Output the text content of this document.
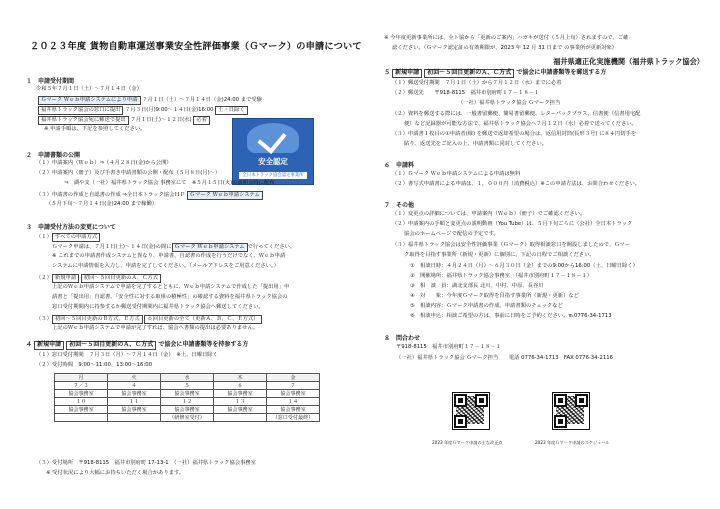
２０２３年度 貨物自動車運送事業安全性評価事業（Ｇマーク）の申請について
１　申請受付期間
令和５年７月１日（土）～７月１４日（金）
Ｇマーク Ｗｅｂ申請システムにより申請 ７月１日（土）～７月１４日（金)24:00 まで受験
福井県トラック協会の窓口に提出 ７月３日(月)9:00～１４日(金)16:00 土・日除く
福井県トラック協会宛に郵送で提出 ７月１日(土)～１２日(水) 必着
※ 申請手順は、下記を参照してください。
安全認定
全日本トラック協会認定事業所
２　申請書類の公開
（１）申請案内（Ｗｅｂ）⇒（４月２８日(金)から公開）
（２）申請案内（冊子）及び手書き申請書類の公開・配布（５月８日(月)～）
⇒　湖や支（一社）福井県トラック協会 事務室にて　※５月１５日(火)の説明会時に配布
（３）申請書の作成と自認書の作成 ⇒全日本トラック協会ＨＰ Ｇマーク Ｗｅｂ申請システム
（５月下旬～７月１４日(金)24:00 まで稼働）
３　申請受付方法の変更について
（１） すべての申請方式
Ｇマーク申請は、７月１日(土)～１４日(金)の間に Ｇマーク Ｗｅｂ申請システム で行ってください。
※ これまでの申請書作成システムと異なり、申請書、自認書の作成を行うだけでなく、Ｗｅｂ申請
システムに申請情報を入力し、申請を完了してください。（メールアドレスをご用意ください。）
（２） 新規申請 初回～５回目更新のＡ、Ｃ方式
上記のＷｅｂ申請システムで申請を完了するとともに、Ｗｅｂ申請システムで作成した「提出用」申
請書と「提出用」自認書、「安全性に対する取組の積極性」の確認する資料を福井県トラック協会の
窓口受付期間内に持参するか郵送受付期間内に福井県トラック協会へ郵送してください。
（３） 初回～５回目更新のＢ方式、Ｅ方式 ６回目更新の全て（更新Ａ、Ｂ、Ｃ、Ｅ方式）
上記のＷｅｂ申請システムで申請が完了すれば、協会へ書類の提出は必要ありません。
４ 新規申請 初回～５回目更新のＡ、Ｃ方式 で協会に申請書類等を持参する方
（１）窓口受付期間　７月３日（月）～７月１４日（金）　※土、日曜日除く
（２）受付時間　9:00～11:00、13:00～16:00
月	火	水	木	金
７／３	４	５	６	７
協会事務室	協会事務室	協会事務室	協会事務室	協会事務室
１０	１１	１２	１３	１４
協会事務室	協会事務室	協会事務室	協会事務室	協会事務室
		（研修室受付）		（窓口受付最終）
（３）受付場所　〒918-8115　福井市別府町 17-13-1　（一社）福井県トラック協会事務室
※ 受付状況により大幅にお待ちいただく場合があります。
※ 今年度更新事業所には、全ト協から「更新のご案内」ハガキが送付（５月上旬）されますので、ご確
認ください。（Ｇマーク認定証の有効期限が、2023 年 12 月 31 日まで の事業所が更新対象）
福井県適正化実施機関（福井県トラック協会）
５ 新規申請 初回～５回目更新のＡ、Ｃ方式 で協会に申請書類等を郵送する方
（１）郵送受付期間　７月１日（土）から７月１２日（水）までに必着
（２）郵送先　　〒918-8115　福井市別府町１７－１８－１
（一社）福井県トラック協会 Ｇマーク担当
（２）資料を郵送する際には、一般書留郵便、簡易書留郵便、レターパックプラス、信書便（信書用宅配
便）など記録器が可能な方法で、福井県トラック協会へ７月１２日（水）必着で送ってください。
（３）申請書１枚目の①申請者(様) を郵送で返却希望の場合は、返信用封筒(長形３号) に８４円切手を
貼り、返送先をご記入の上、申請書類に同封してください。
６　申請料
（１）Ｇマーク Ｗｅｂ申請システムによる申請は無料
（２）書写式申請書による申請は、１，０００円（消費税込）※この申請方法は、お問合わせください。
７　その他
（１）変更点の詳細については、申請案内（Ｗｅｂ）（冊子）でご確認ください。
（２）申請案内の手順と変更点の説明動画（You Tube）は、５月下旬ごろに（公社）全日本トラック
協会のホームページで配信の予定です。
（３）福井県トラック協会は安全性評価事業（Ｇマーク）取得相談窓口を開設しましたので、Ｇマー
ク取得を目指す事業所（新規・更新）に個別に、下記の日程でご相談ください。
①　相談日時：４月２４日（月）～６月３０日（金）までの9:00から16:00（土、日曜日除く）
②　開催場所：福井県トラック協会事務室　（福井市別府町１７－１８－１）
③　相　談　員：湖北支部長 北川、中村、中原、長谷川
④　対　　象：今年度Ｇマーク取得を目指す事業所（新規・更新）など
⑤　相談内容：Ｇマーク申請書の作成、申請書類のチェックなど
⑥　相談申込：相談ご希望の方は、事前に日時をご予約ください。℡0776-34-1713
８　問合わせ
〒918-8115　福井市別府町１７－１８－１
（一社）福井県トラック協会 Ｇマーク担当　　電話 0776-34-1713　FAX 0776-34-2116
2023 年度Ｇマーク申請の主な改正点	2023 年度Ｇマーク申請のスケジュール
